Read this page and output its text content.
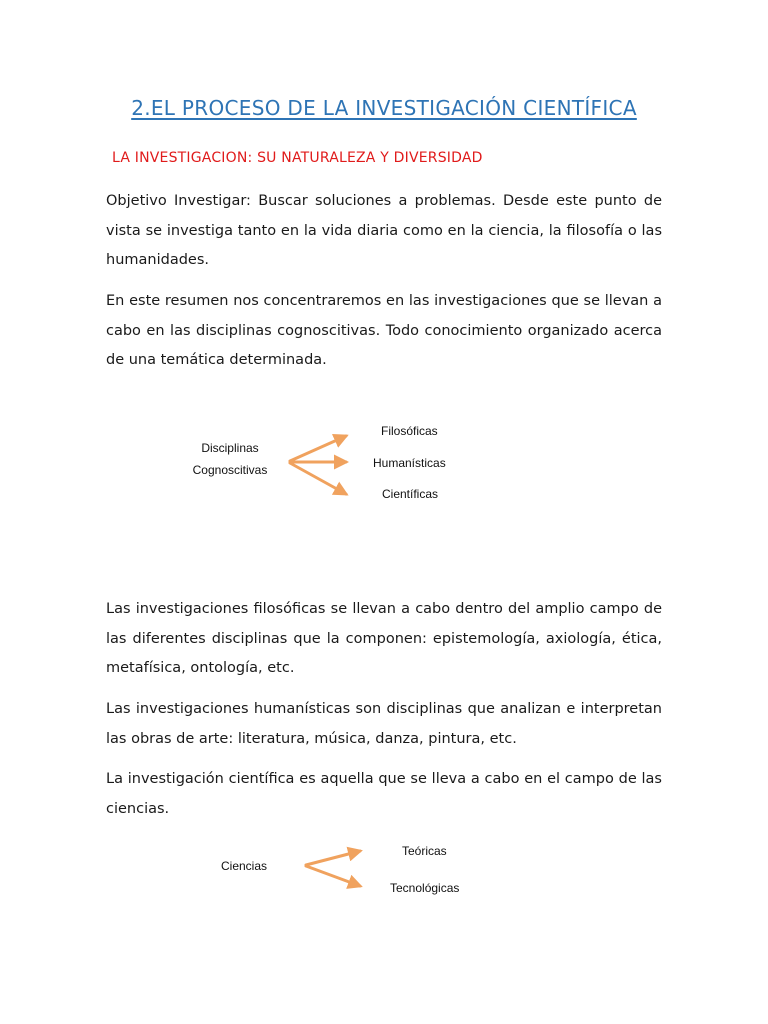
2.EL PROCESO DE LA INVESTIGACIÓN CIENTÍFICA
LA INVESTIGACION: SU NATURALEZA Y DIVERSIDAD
Objetivo Investigar: Buscar soluciones a problemas. Desde este punto de vista se investiga tanto en la vida diaria como en la ciencia, la filosofía o las humanidades.
En este resumen nos concentraremos en las investigaciones que se llevan a cabo en las disciplinas cognoscitivas. Todo conocimiento organizado acerca de una temática determinada.
Disciplinas
Cognoscitivas
Filosóficas
Humanísticas
Científicas
Las investigaciones filosóficas se llevan a cabo dentro del amplio campo de las diferentes disciplinas que la componen: epistemología, axiología, ética, metafísica, ontología, etc.
Las investigaciones humanísticas son disciplinas que analizan e interpretan las obras de arte: literatura, música, danza, pintura, etc.
La investigación científica es aquella que se lleva a cabo en el campo de las ciencias.
Ciencias
Teóricas
Tecnológicas
